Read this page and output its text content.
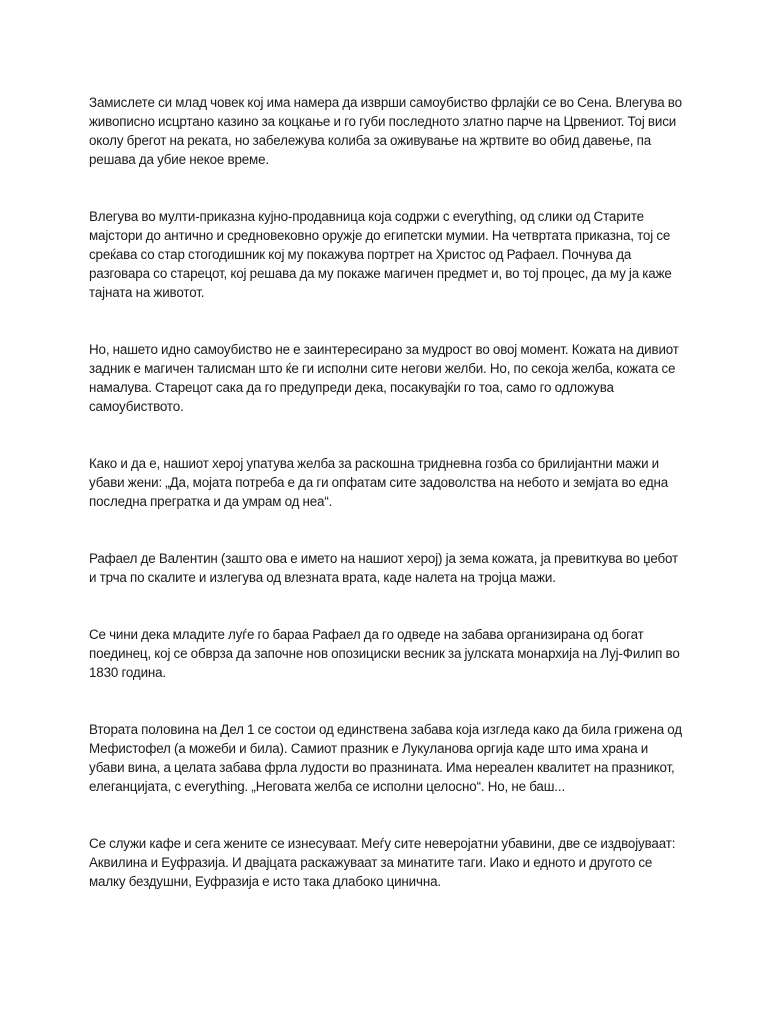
Замислете си млад човек кој има намера да изврши самоубиство фрлајќи се во Сена. Влегува во живописно исцртано казино за коцкање и го губи последното златно парче на Црвениот. Тој виси околу брегот на реката, но забележува колиба за оживување на жртвите во обид давење, па решава да убие некое време.

Влегува во мулти-приказна кујно-продавница која содржи с everything, од слики од Старите мајстори до антично и средновековно оружје до египетски мумии. На четвртата приказна, тој се среќава со стар стогодишник кој му покажува портрет на Христос од Рафаел. Почнува да разговара со старецот, кој решава да му покаже магичен предмет и, во тој процес, да му ја каже тајната на животот.

Но, нашето идно самоубиство не е заинтересирано за мудрост во овој момент. Кожата на дивиот задник е магичен талисман што ќе ги исполни сите негови желби. Но, по секоја желба, кожата се намалува. Старецот сака да го предупреди дека, посакувајќи го тоа, само го одложува самоубиството.

Како и да е, нашиот херој упатува желба за раскошна тридневна гозба со брилијантни мажи и убави жени: „Да, мојата потреба е да ги опфатам сите задоволства на небото и земјата во една последна прегратка и да умрам од неа“.

Рафаел де Валентин (зашто ова е името на нашиот херој) ја зема кожата, ја превиткува во џебот и трча по скалите и излегува од влезната врата, каде налета на тројца мажи.

Се чини дека младите луѓе го бараа Рафаел да го одведе на забава организирана од богат поединец, кој се обврза да започне нов опозициски весник за јулската монархија на Луј-Филип во 1830 година.

Втората половина на Дел 1 се состои од единствена забава која изгледа како да била грижена од Мефистофел (а можеби и била). Самиот празник е Лукуланова оргија каде што има храна и убави вина, а целата забава фрла лудости во празнината. Има нереален квалитет на празникот, елеганцијата, с everything. „Неговата желба се исполни целосно“. Но, не баш...

Се служи кафе и сега жените се изнесуваат. Меѓу сите неверојатни убавини, две се издвојуваат: Аквилина и Еуфразија. И двајцата раскажуваат за минатите таги. Иако и едното и другото се малку бездушни, Еуфразија е исто така длабоко цинична.
